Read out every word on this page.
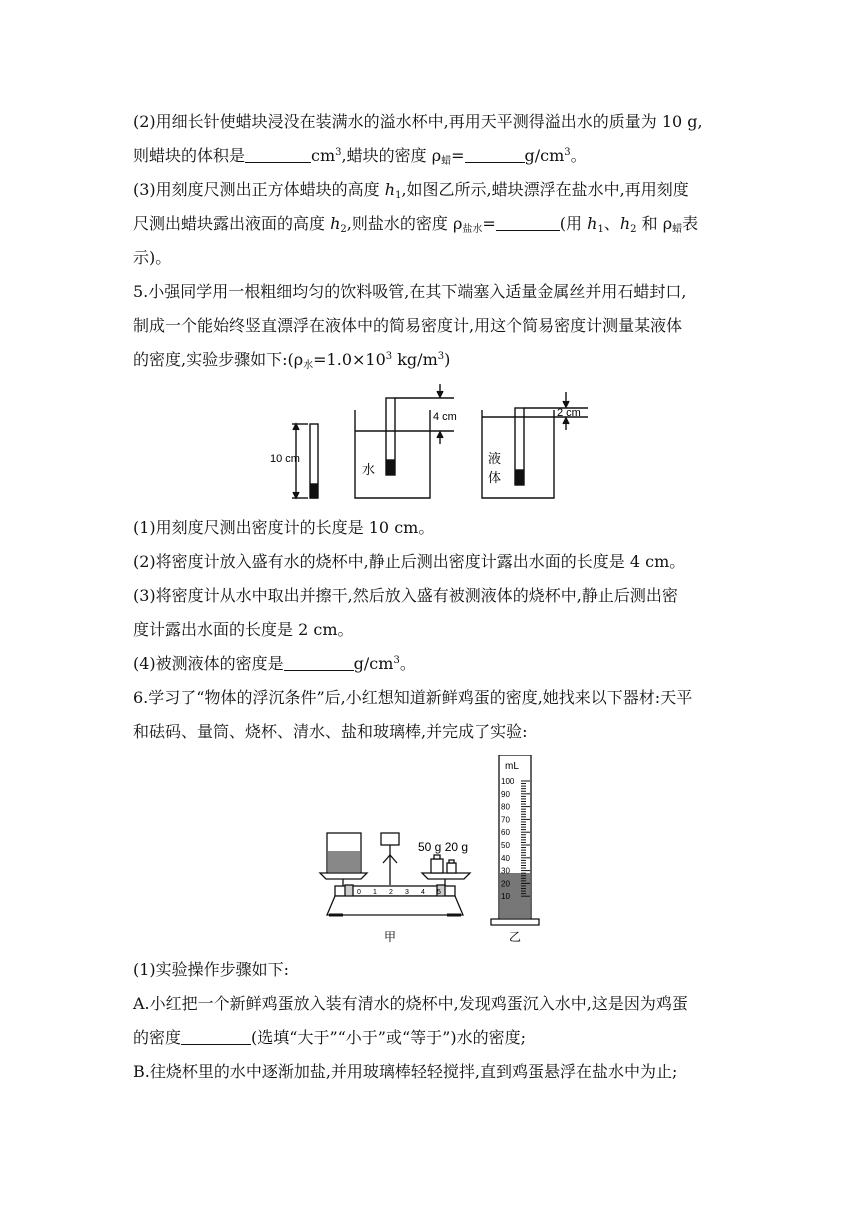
(2)用细长针使蜡块浸没在装满水的溢水杯中,再用天平测得溢出水的质量为 10 g,
则蜡块的体积是	$cm^3$,蜡块的密度 $\rho_蜡=$	$g/cm^3$。
(3)用刻度尺测出正方体蜡块的高度 $h_1$,如图乙所示,蜡块漂浮在盐水中,再用刻度
尺测出蜡块露出液面的高度 $h_2$,则盐水的密度 $\rho_{盐水}=$	(用 $h_1$、$h_2$ 和 $\rho_蜡$表
示)。
5.小强同学用一根粗细均匀的饮料吸管,在其下端塞入适量金属丝并用石蜡封口,
制成一个能始终竖直漂浮在液体中的简易密度计,用这个简易密度计测量某液体
的密度,实验步骤如下$:(\rho_水=1.0\times 10^3$ $kg/m^3$)
10 cm
水
4 cm
液
体
2 cm
(1)用刻度尺测出密度计的长度是 10 cm。
(2)将密度计放入盛有水的烧杯中,静止后测出密度计露出水面的长度是 4 cm。
(3)将密度计从水中取出并擦干,然后放入盛有被测液体的烧杯中,静止后测出密
度计露出水面的长度是 2 cm。
(4)被测液体的密度是	$g/cm^3$。
6.学习了“物体的浮沉条件”后,小红想知道新鲜鸡蛋的密度,她找来以下器材:天平
和砝码、量筒、烧杯、清水、盐和玻璃棒,并完成了实验:
50 g 20 g
甲
mL
100
90
80
70
60
50
40
30
20
10
0 1 2 3 4 5
乙
(1)实验操作步骤如下:
A.小红把一个新鲜鸡蛋放入装有清水的烧杯中,发现鸡蛋沉入水中,这是因为鸡蛋
的密度	(选填“大于”“小于”或“等于”)水的密度;
B.往烧杯里的水中逐渐加盐,并用玻璃棒轻轻搅拌,直到鸡蛋悬浮在盐水中为止;
